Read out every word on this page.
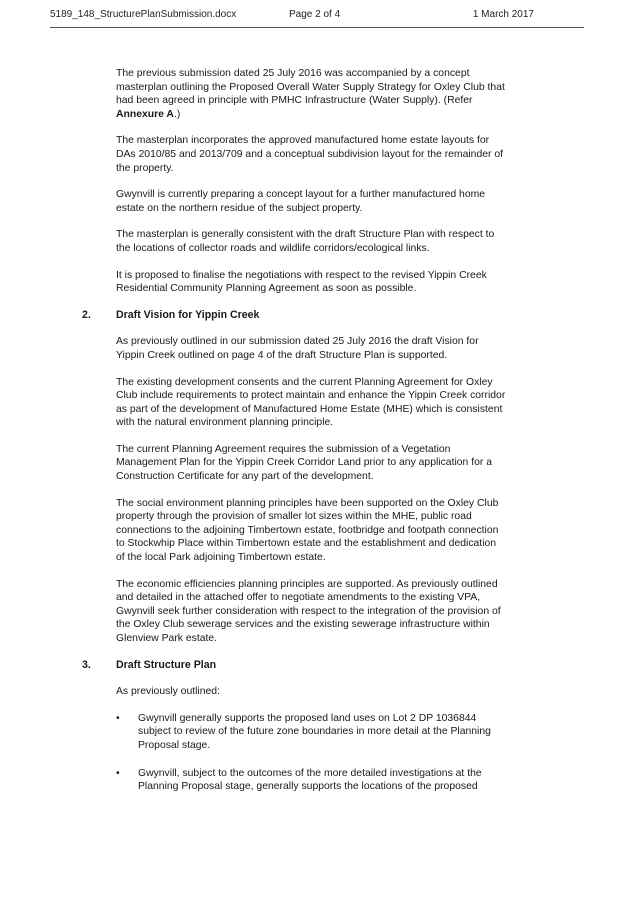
5189_148_StructurePlanSubmission.docx	Page 2 of 4	1 March 2017

The previous submission dated 25 July 2016 was accompanied by a concept masterplan outlining the Proposed Overall Water Supply Strategy for Oxley Club that had been agreed in principle with PMHC Infrastructure (Water Supply). (Refer Annexure A.)

The masterplan incorporates the approved manufactured home estate layouts for DAs 2010/85 and 2013/709 and a conceptual subdivision layout for the remainder of the property.

Gwynvill is currently preparing a concept layout for a further manufactured home estate on the northern residue of the subject property.

The masterplan is generally consistent with the draft Structure Plan with respect to the locations of collector roads and wildlife corridors/ecological links.

It is proposed to finalise the negotiations with respect to the revised Yippin Creek Residential Community Planning Agreement as soon as possible.

2. Draft Vision for Yippin Creek

As previously outlined in our submission dated 25 July 2016 the draft Vision for Yippin Creek outlined on page 4 of the draft Structure Plan is supported.

The existing development consents and the current Planning Agreement for Oxley Club include requirements to protect maintain and enhance the Yippin Creek corridor as part of the development of Manufactured Home Estate (MHE) which is consistent with the natural environment planning principle.

The current Planning Agreement requires the submission of a Vegetation Management Plan for the Yippin Creek Corridor Land prior to any application for a Construction Certificate for any part of the development.

The social environment planning principles have been supported on the Oxley Club property through the provision of smaller lot sizes within the MHE, public road connections to the adjoining Timbertown estate, footbridge and footpath connection to Stockwhip Place within Timbertown estate and the establishment and dedication of the local Park adjoining Timbertown estate.

The economic efficiencies planning principles are supported. As previously outlined and detailed in the attached offer to negotiate amendments to the existing VPA, Gwynvill seek further consideration with respect to the integration of the provision of the Oxley Club sewerage services and the existing sewerage infrastructure within Glenview Park estate.

3. Draft Structure Plan

As previously outlined:

• Gwynvill generally supports the proposed land uses on Lot 2 DP 1036844 subject to review of the future zone boundaries in more detail at the Planning Proposal stage.
• Gwynvill, subject to the outcomes of the more detailed investigations at the Planning Proposal stage, generally supports the locations of the proposed
